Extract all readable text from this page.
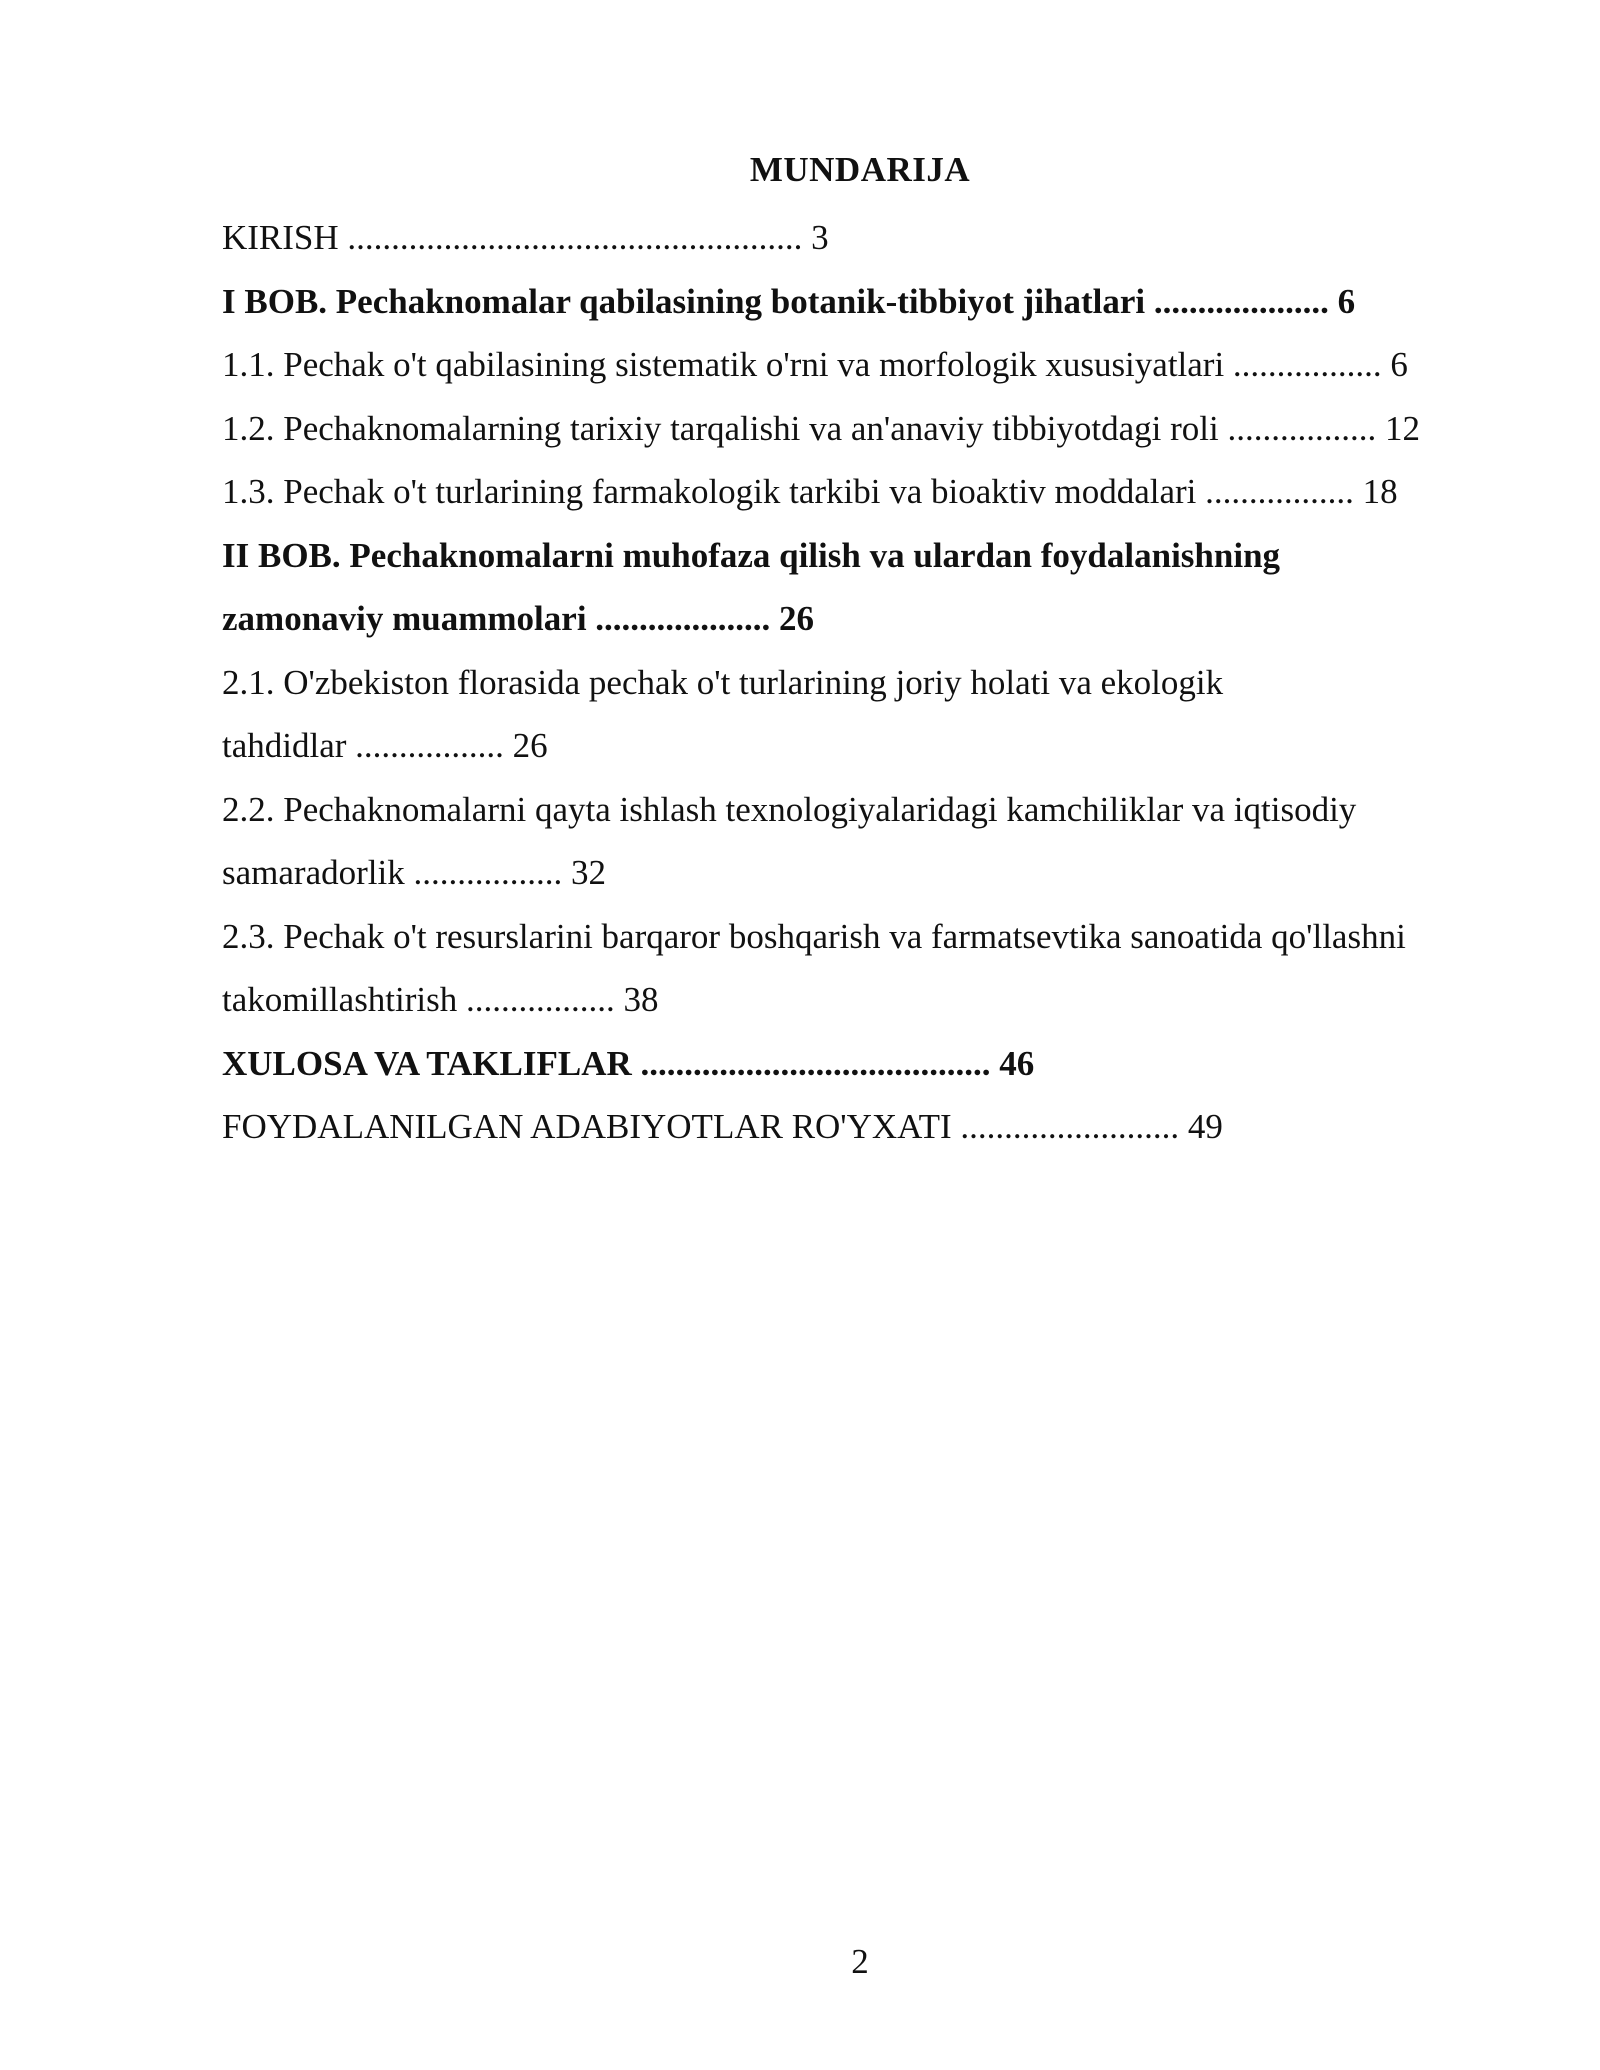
MUNDARIJA
KIRISH .................................................... 3
I BOB. Pechaknomalar qabilasining botanik-tibbiyot jihatlari .................... 6
1.1. Pechak o't qabilasining sistematik o'rni va morfologik xususiyatlari ................. 6
1.2. Pechaknomalarning tarixiy tarqalishi va an'anaviy tibbiyotdagi roli ................. 12
1.3. Pechak o't turlarining farmakologik tarkibi va bioaktiv moddalari ................. 18
II BOB. Pechaknomalarni muhofaza qilish va ulardan foydalanishning
zamonaviy muammolari .................... 26
2.1. O'zbekiston florasida pechak o't turlarining joriy holati va ekologik
tahdidlar ................. 26
2.2. Pechaknomalarni qayta ishlash texnologiyalaridagi kamchiliklar va iqtisodiy
samaradorlik ................. 32
2.3. Pechak o't resurslarini barqaror boshqarish va farmatsevtika sanoatida qo'llashni
takomillashtirish ................. 38
XULOSA VA TAKLIFLAR ........................................ 46
FOYDALANILGAN ADABIYOTLAR RO'YXATI ......................... 49
2
